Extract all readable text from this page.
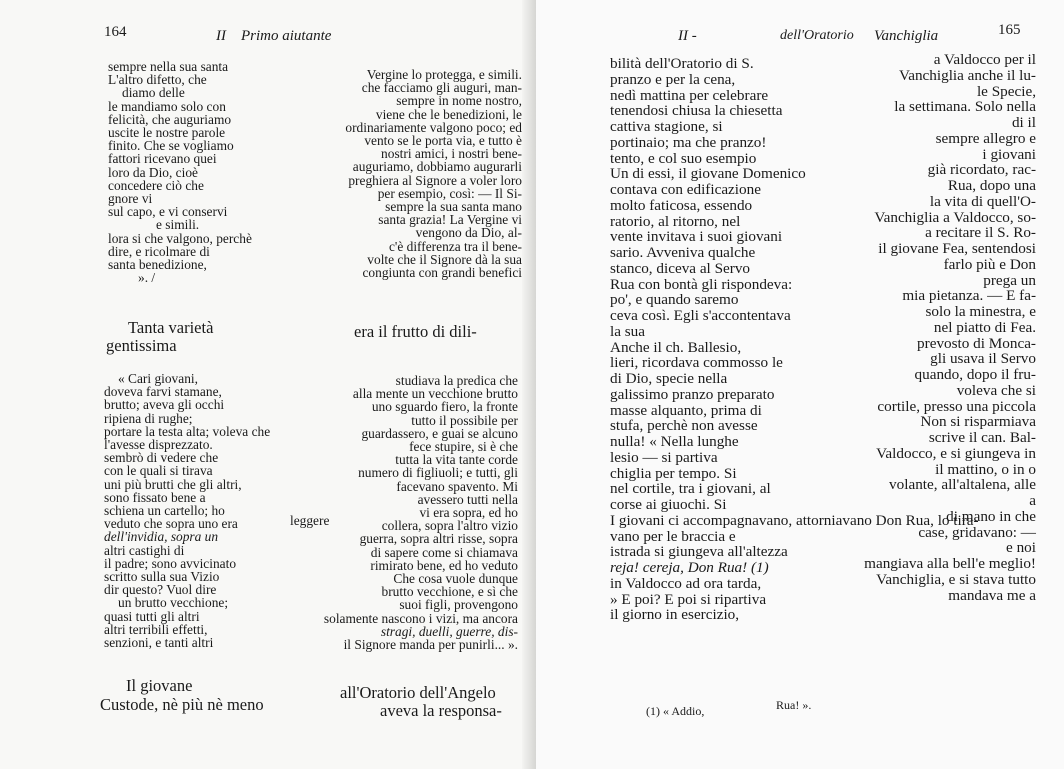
164	II Primo aiutante
sempre nella sua santa
L'altro difetto, che
diamo delle
le mandiamo solo con
felicità, che auguriamo
uscite le nostre parole
finito. Che se vogliamo
fattori ricevano quei
loro da Dio, cioè
concedere ciò che
gnore vi
sul capo, e vi conservi
e simili.
lora si che valgono, perchè
dire, e ricolmare di
santa benedizione,
». /
Vergine lo protegga, e simili.
che facciamo gli auguri, man-
sempre in nome nostro,
viene che le benedizioni, le
ordinariamente valgono poco; ed
vento se le porta via, e tutto è
nostri amici, i nostri bene-
auguriamo, dobbiamo augurarli
preghiera al Signore a voler loro
per esempio, così: — Il Si-
sempre la sua santa mano
santa grazia! La Vergine vi
vengono da Dio, al-
c'è differenza tra il bene-
volte che il Signore dà la sua
congiunta con grandi benefici
Tanta varietà
gentissima
era il frutto di dili-
« Cari giovani,
doveva farvi stamane,
brutto; aveva gli occhi
ripiena di rughe;
portare la testa alta; voleva che
l'avesse disprezzato.
sembrò di vedere che
con le quali si tirava
uni più brutti che gli altri,
sono fissato bene a
schiena un cartello; ho
veduto che sopra uno era
dell'invidia, sopra un
altri castighi di
il padre; sono avvicinato
scritto sulla sua Vizio
dir questo? Vuol dire
un brutto vecchione;
quasi tutti gli altri
altri terribili effetti,
senzioni, e tanti altri
leggere
studiava la predica che
alla mente un vecchione brutto
uno sguardo fiero, la fronte
tutto il possibile per
guardassero, e guai se alcuno
fece stupire, si è che
tutta la vita tante corde
numero di figliuoli; e tutti, gli
facevano spavento. Mi
avessero tutti nella
vi era sopra, ed ho
collera, sopra l'altro vizio
guerra, sopra altri risse, sopra
di sapere come si chiamava
rimirato bene, ed ho veduto
Che cosa vuole dunque
brutto vecchione, e sì che
suoi figli, provengono
solamente nascono i vizi, ma ancora
stragi, duelli, guerre, dis-
il Signore manda per punirli... ».
Il giovane
Custode, nè più nè meno
all'Oratorio dell'Angelo
aveva la responsa-
II -	dell'Oratorio Vanchiglia	165
bilità dell'Oratorio di S.
pranzo e per la cena,
nedì mattina per celebrare
tenendosi chiusa la chiesetta
cattiva stagione, si
portinaio; ma che pranzo!
tento, e col suo esempio
Un di essi, il giovane Domenico
contava con edificazione
molto faticosa, essendo
ratorio, al ritorno, nel
vente invitava i suoi giovani
sario. Avveniva qualche
stanco, diceva al Servo
Rua con bontà gli rispondeva:
po', e quando saremo
ceva così. Egli s'accontentava
la sua
Anche il ch. Ballesio,
lieri, ricordava commosso le
di Dio, specie nella
galissimo pranzo preparato
masse alquanto, prima di
stufa, perchè non avesse
nulla! « Nella lunghe
lesio — si partiva
chiglia per tempo. Si
nel cortile, tra i giovani, al
corse ai giuochi. Si
I giovani ci accompagnavano, attorniavano Don Rua, lo tira-
vano per le braccia e
istrada si giungeva all'altezza
reja! cereja, Don Rua! (1)
in Valdocco ad ora tarda,
» E poi? E poi si ripartiva
il giorno in esercizio,
a Valdocco per il
Vanchiglia anche il lu-
le Specie,
la settimana. Solo nella
di il
sempre allegro e
i giovani
già ricordato, rac-
Rua, dopo una
la vita di quell'O-
Vanchiglia a Valdocco, so-
a recitare il S. Ro-
il giovane Fea, sentendosi
farlo più e Don
prega un
mia pietanza. — E fa-
solo la minestra, e
nel piatto di Fea.
prevosto di Monca-
gli usava il Servo
quando, dopo il fru-
voleva che si
cortile, presso una piccola
Non si risparmiava
scrive il can. Bal-
Valdocco, e si giungeva in
il mattino, o in o
volante, all'altalena, alle
a
di mano in che
case, gridavano: —
e noi
mangiava alla bell'e meglio!
Vanchiglia, e si stava tutto
mandava me a
(1) « Addio,	Rua! ».
